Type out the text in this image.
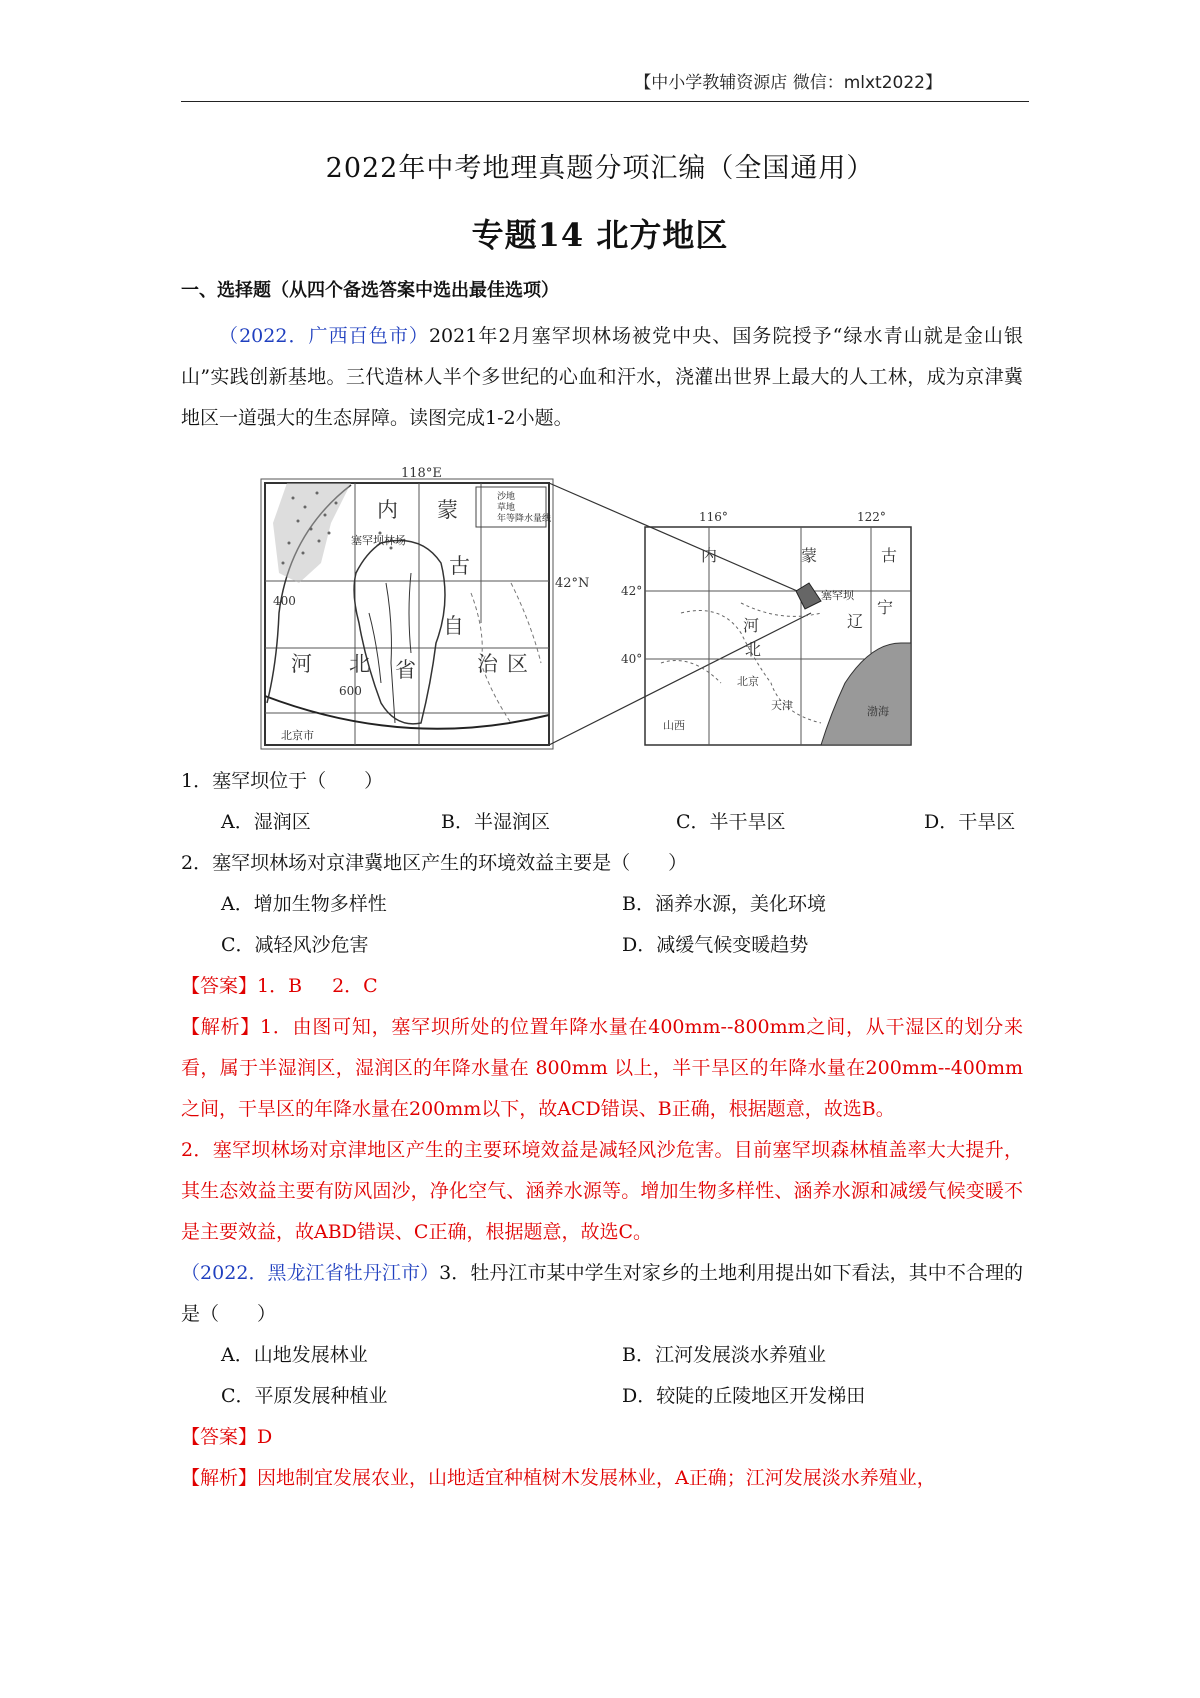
【中小学教辅资源店 微信：mlxt2022】
2022年中考地理真题分项汇编（全国通用）
专题14 北方地区

一、选择题（从四个备选答案中选出最佳选项）

（2022．广西百色市）2021年2月塞罕坝林场被党中央、国务院授予“绿水青山就是金山银山”实践创新基地。三代造林人半个多世纪的心血和汗水，浇灌出世界上最大的人工林，成为京津冀地区一道强大的生态屏障。读图完成1-2小题。

118°E
42°N
400
600
塞罕坝林场
北京市
沙地
草地
年等降水量线
内 蒙
古
自
治 区
河 北 省
116°	122°
42°
40°
塞罕坝
内	蒙	古
辽
宁
河
北
北京
天津
山西
渤海

1．塞罕坝位于（　　）

A．湿润区	B．半湿润区	C．半干旱区	D．干旱区

2．塞罕坝林场对京津冀地区产生的环境效益主要是（　　）

A．增加生物多样性	B．涵养水源，美化环境
C．减轻风沙危害	D．减缓气候变暖趋势

【答案】1．B 2．C

【解析】1．由图可知，塞罕坝所处的位置年降水量在400mm--800mm之间，从干湿区的划分来看，属于半湿润区，湿润区的年降水量在 800mm 以上，半干旱区的年降水量在200mm--400mm之间，干旱区的年降水量在200mm以下，故ACD错误、B正确，根据题意，故选B。

2．塞罕坝林场对京津地区产生的主要环境效益是减轻风沙危害。目前塞罕坝森林植盖率大大提升，其生态效益主要有防风固沙，净化空气、涵养水源等。增加生物多样性、涵养水源和减缓气候变暖不是主要效益，故ABD错误、C正确，根据题意，故选C。

（2022．黑龙江省牡丹江市）3．牡丹江市某中学生对家乡的土地利用提出如下看法，其中不合理的是（　　）

A．山地发展林业	B．江河发展淡水养殖业
C．平原发展种植业	D．较陡的丘陵地区开发梯田

【答案】D

【解析】因地制宜发展农业，山地适宜种植树木发展林业，A正确；江河发展淡水养殖业，
